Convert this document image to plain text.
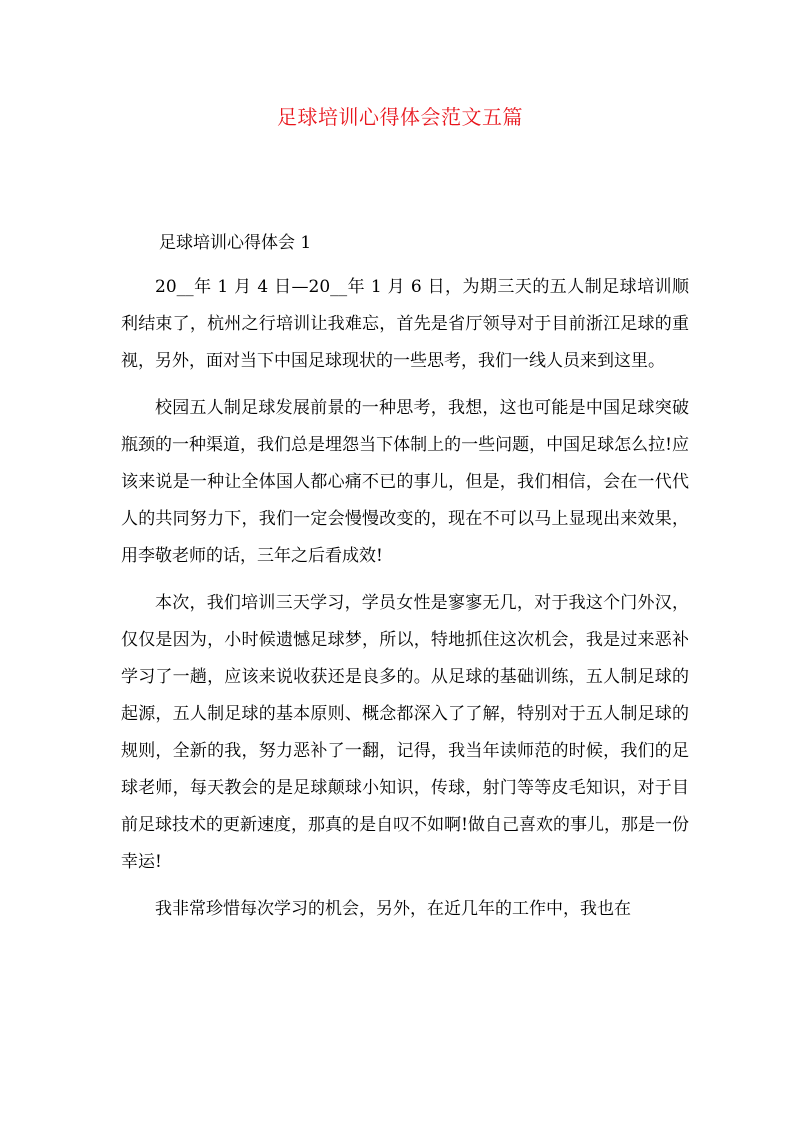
足球培训心得体会范文五篇
足球培训心得体会 1

20__年 1 月 4 日—20__年 1 月 6 日，为期三天的五人制足球培训顺利结束了，杭州之行培训让我难忘，首先是省厅领导对于目前浙江足球的重视，另外，面对当下中国足球现状的一些思考，我们一线人员来到这里。

校园五人制足球发展前景的一种思考，我想，这也可能是中国足球突破瓶颈的一种渠道，我们总是埋怨当下体制上的一些问题，中国足球怎么拉!应该来说是一种让全体国人都心痛不已的事儿，但是，我们相信，会在一代代人的共同努力下，我们一定会慢慢改变的，现在不可以马上显现出来效果，用李敬老师的话，三年之后看成效!

本次，我们培训三天学习，学员女性是寥寥无几，对于我这个门外汉，仅仅是因为，小时候遗憾足球梦，所以，特地抓住这次机会，我是过来恶补学习了一趟，应该来说收获还是良多的。从足球的基础训练，五人制足球的起源，五人制足球的基本原则、概念都深入了了解，特别对于五人制足球的规则，全新的我，努力恶补了一翻，记得，我当年读师范的时候，我们的足球老师，每天教会的是足球颠球小知识，传球，射门等等皮毛知识，对于目前足球技术的更新速度，那真的是自叹不如啊!做自己喜欢的事儿，那是一份幸运!

我非常珍惜每次学习的机会，另外，在近几年的工作中，我也在
